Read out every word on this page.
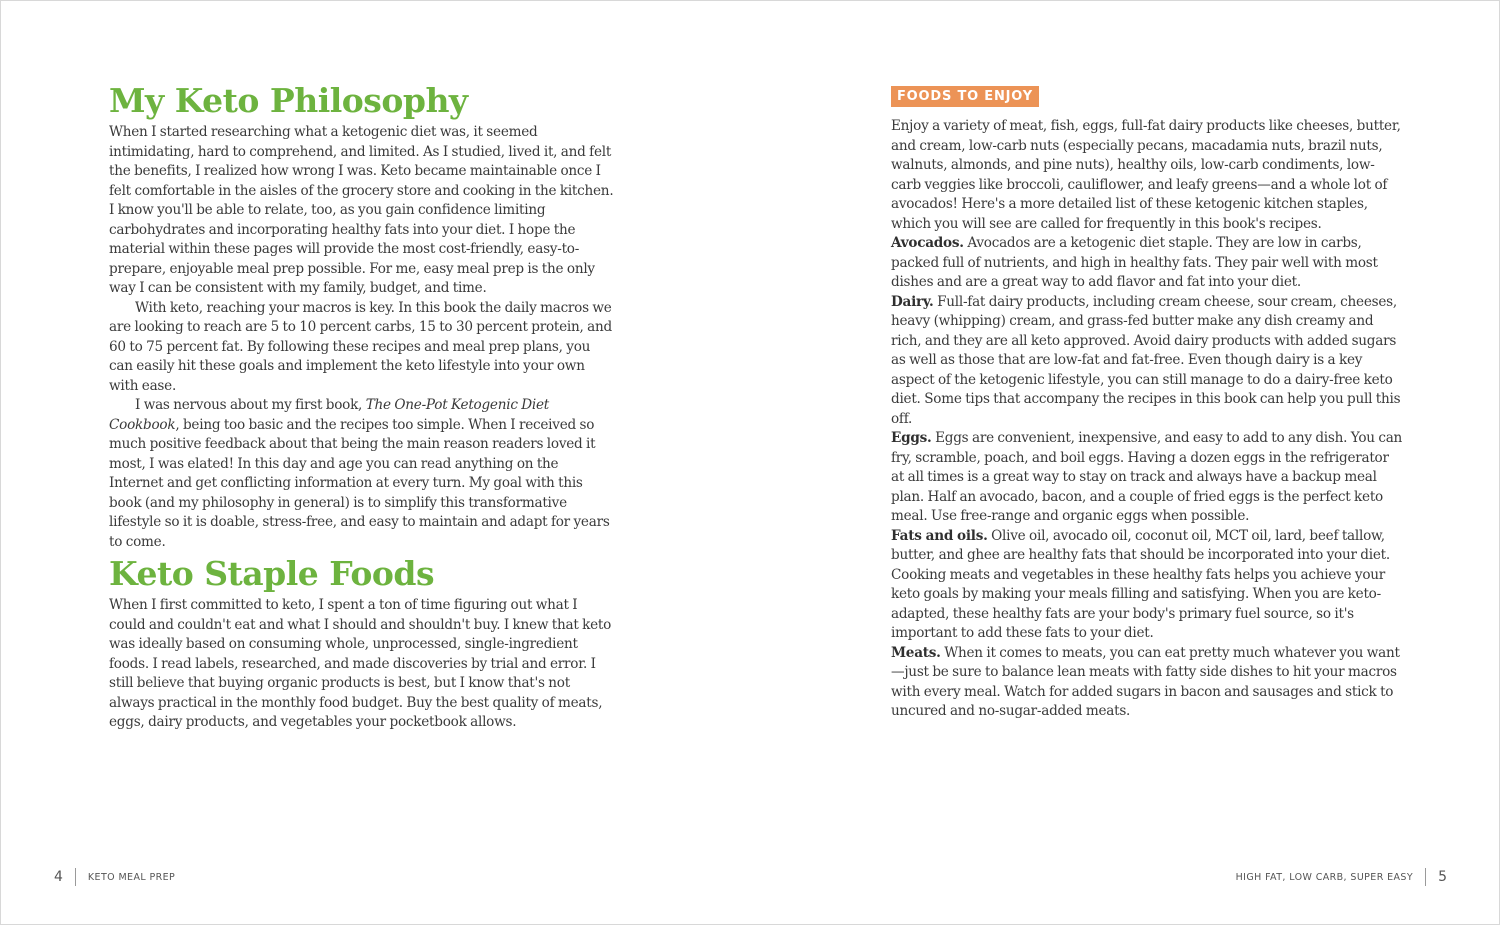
My Keto Philosophy

When I started researching what a ketogenic diet was, it seemed intimidating, hard to comprehend, and limited. As I studied, lived it, and felt the benefits, I realized how wrong I was. Keto became maintainable once I felt comfortable in the aisles of the grocery store and cooking in the kitchen. I know you'll be able to relate, too, as you gain confidence limiting carbohydrates and incorporating healthy fats into your diet. I hope the material within these pages will provide the most cost-friendly, easy-to-prepare, enjoyable meal prep possible. For me, easy meal prep is the only way I can be consistent with my family, budget, and time.

With keto, reaching your macros is key. In this book the daily macros we are looking to reach are 5 to 10 percent carbs, 15 to 30 percent protein, and 60 to 75 percent fat. By following these recipes and meal prep plans, you can easily hit these goals and implement the keto lifestyle into your own with ease.

I was nervous about my first book, The One-Pot Ketogenic Diet Cookbook, being too basic and the recipes too simple. When I received so much positive feedback about that being the main reason readers loved it most, I was elated! In this day and age you can read anything on the Internet and get conflicting information at every turn. My goal with this book (and my philosophy in general) is to simplify this transformative lifestyle so it is doable, stress-free, and easy to maintain and adapt for years to come.

Keto Staple Foods

When I first committed to keto, I spent a ton of time figuring out what I could and couldn't eat and what I should and shouldn't buy. I knew that keto was ideally based on consuming whole, unprocessed, single-ingredient foods. I read labels, researched, and made discoveries by trial and error. I still believe that buying organic products is best, but I know that's not always practical in the monthly food budget. Buy the best quality of meats, eggs, dairy products, and vegetables your pocketbook allows.

4	KETO MEAL PREP
FOODS TO ENJOY

Enjoy a variety of meat, fish, eggs, full-fat dairy products like cheeses, butter, and cream, low-carb nuts (especially pecans, macadamia nuts, brazil nuts, walnuts, almonds, and pine nuts), healthy oils, low-carb condiments, low-carb veggies like broccoli, cauliflower, and leafy greens—and a whole lot of avocados! Here's a more detailed list of these ketogenic kitchen staples, which you will see are called for frequently in this book's recipes.

Avocados. Avocados are a ketogenic diet staple. They are low in carbs, packed full of nutrients, and high in healthy fats. They pair well with most dishes and are a great way to add flavor and fat into your diet.

Dairy. Full-fat dairy products, including cream cheese, sour cream, cheeses, heavy (whipping) cream, and grass-fed butter make any dish creamy and rich, and they are all keto approved. Avoid dairy products with added sugars as well as those that are low-fat and fat-free. Even though dairy is a key aspect of the ketogenic lifestyle, you can still manage to do a dairy-free keto diet. Some tips that accompany the recipes in this book can help you pull this off.

Eggs. Eggs are convenient, inexpensive, and easy to add to any dish. You can fry, scramble, poach, and boil eggs. Having a dozen eggs in the refrigerator at all times is a great way to stay on track and always have a backup meal plan. Half an avocado, bacon, and a couple of fried eggs is the perfect keto meal. Use free-range and organic eggs when possible.

Fats and oils. Olive oil, avocado oil, coconut oil, MCT oil, lard, beef tallow, butter, and ghee are healthy fats that should be incorporated into your diet. Cooking meats and vegetables in these healthy fats helps you achieve your keto goals by making your meals filling and satisfying. When you are keto-adapted, these healthy fats are your body's primary fuel source, so it's important to add these fats to your diet.

Meats. When it comes to meats, you can eat pretty much whatever you want—just be sure to balance lean meats with fatty side dishes to hit your macros with every meal. Watch for added sugars in bacon and sausages and stick to uncured and no-sugar-added meats.

HIGH FAT, LOW CARB, SUPER EASY 5
